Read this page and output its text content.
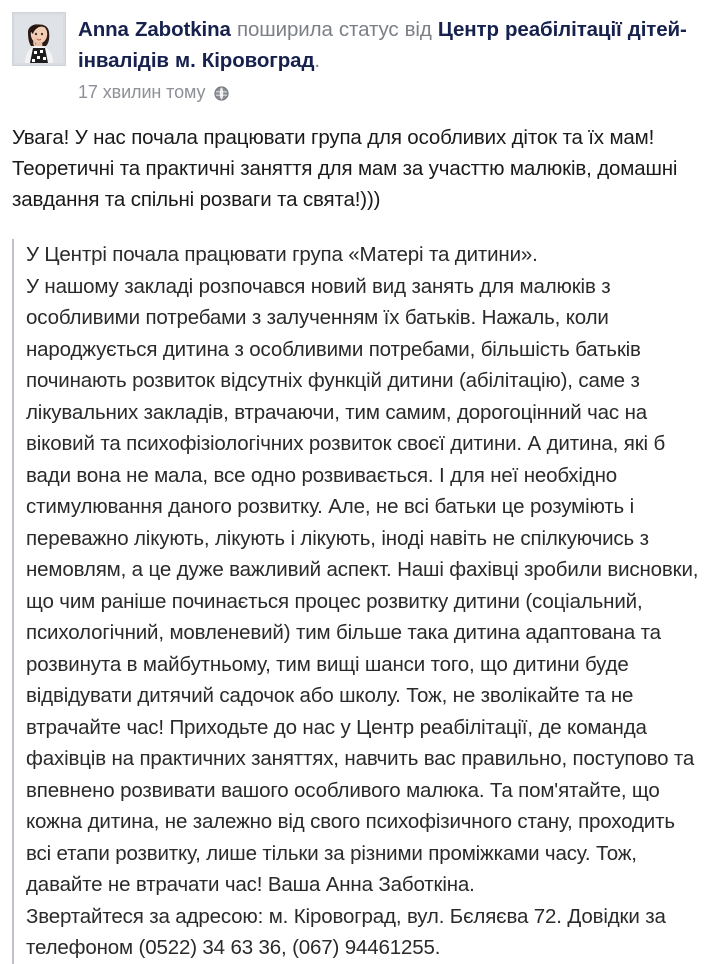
Anna Zabotkina поширила статус від Центр реабілітації дітей-інвалідів м. Кіровоград.
17 хвилин тому
Увага! У нас почала працювати група для особливих діток та їх мам! Теоретичні та практичні заняття для мам за участтю малюків, домашні завдання та спільні розваги та свята!)))

У Центрі почала працювати група «Матері та дитини».

У нашому закладі розпочався новий вид занять для малюків з особливими потребами з залученням їх батьків. Нажаль, коли народжується дитина з особливими потребами, більшість батьків починають розвиток відсутніх функцій дитини (абілітацію), саме з лікувальних закладів, втрачаючи, тим самим, дорогоцінний час на віковий та психофізіологічних розвиток своєї дитини. А дитина, які б вади вона не мала, все одно розвивається. І для неї необхідно стимулювання даного розвитку. Але, не всі батьки це розуміють і переважно лікують, лікують і лікують, іноді навіть не спілкуючись з немовлям, а це дуже важливий аспект. Наші фахівці зробили висновки, що чим раніше починається процес розвитку дитини (соціальний, психологічний, мовленевий) тим більше така дитина адаптована та розвинута в майбутньому, тим вищі шанси того, що дитини буде відвідувати дитячий садочок або школу. Тож, не зволікайте та не втрачайте час! Приходьте до нас у Центр реабілітації, де команда фахівців на практичних заняттях, навчить вас правильно, поступово та впевнено розвивати вашого особливого малюка. Та пом'ятайте, що кожна дитина, не залежно від свого психофізичного стану, проходить всі етапи розвитку, лише тільки за різними проміжками часу. Тож, давайте не втрачати час! Ваша Анна Заботкіна.

Звертайтеся за адресою: м. Кіровоград, вул. Бєляєва 72. Довідки за телефоном (0522) 34 63 36, (067) 94461255.
